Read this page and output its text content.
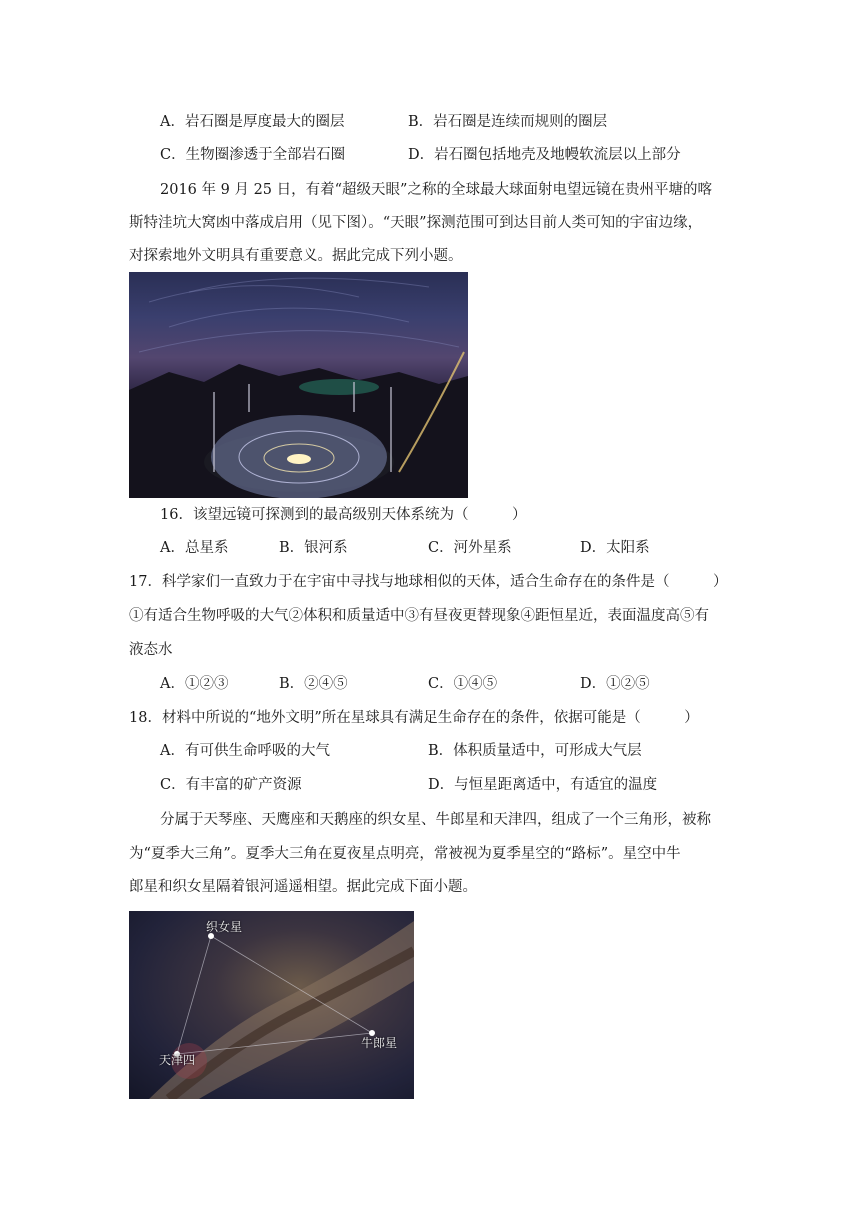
A．岩石圈是厚度最大的圈层	B．岩石圈是连续而规则的圈层
C．生物圈渗透于全部岩石圈	D．岩石圈包括地壳及地幔软流层以上部分
2016 年 9 月 25 日，有着“超级天眼”之称的全球最大球面射电望远镜在贵州平塘的喀
斯特洼坑大窝凼中落成启用（见下图）。“天眼”探测范围可到达目前人类可知的宇宙边缘，
对探索地外文明具有重要意义。据此完成下列小题。
16．该望远镜可探测到的最高级别天体系统为（　　　）
A．总星系	B．银河系	C．河外星系	D．太阳系
17．科学家们一直致力于在宇宙中寻找与地球相似的天体，适合生命存在的条件是（　　　）
①有适合生物呼吸的大气②体积和质量适中③有昼夜更替现象④距恒星近，表面温度高⑤有
液态水
A．①②③	B．②④⑤	C．①④⑤	D．①②⑤
18．材料中所说的“地外文明”所在星球具有满足生命存在的条件，依据可能是（　　　）
A．有可供生命呼吸的大气	B．体积质量适中，可形成大气层
C．有丰富的矿产资源	D．与恒星距离适中，有适宜的温度
分属于天琴座、天鹰座和天鹅座的织女星、牛郎星和天津四，组成了一个三角形，被称
为“夏季大三角”。夏季大三角在夏夜星点明亮，常被视为夏季星空的“路标”。星空中牛
郎星和织女星隔着银河遥遥相望。据此完成下面小题。
织女星
天津四
牛郎星
